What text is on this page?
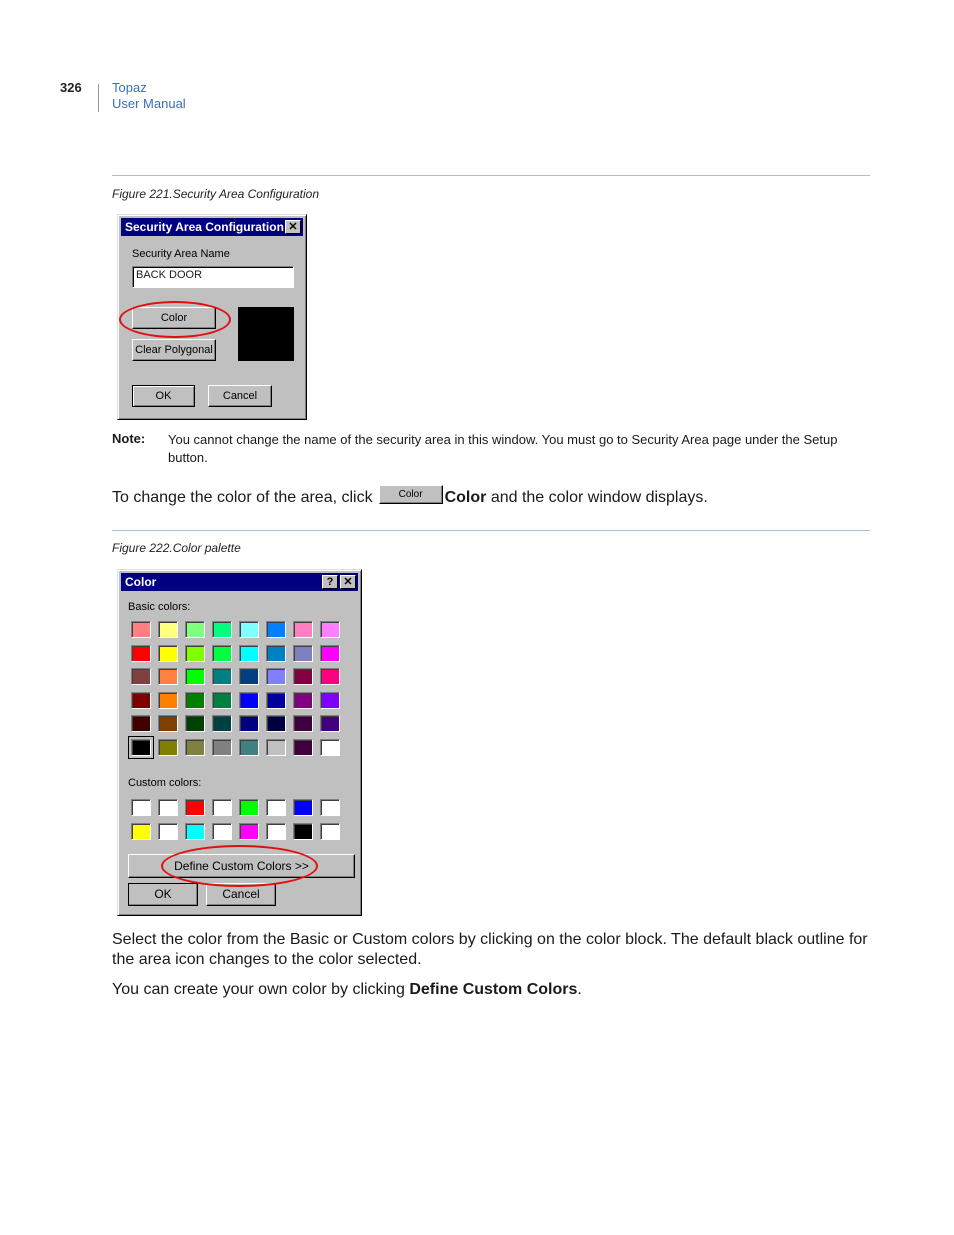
326 Topaz
User Manual
Figure 221.Security Area Configuration
Security Area Configuration ✕
Security Area Name
BACK DOOR
Color
Clear Polygonal
OK	Cancel
Note: You cannot change the name of the security area in this window. You must go to Security Area page under the Setup button.
To change the color of the area, click	Color Color and the color window displays.
Figure 222.Color palette
Color	? ✕
Basic colors:
Custom colors:
Define Custom Colors >>
OK	Cancel
Select the color from the Basic or Custom colors by clicking on the color block. The default black outline for the area icon changes to the color selected.
You can create your own color by clicking Define Custom Colors.
